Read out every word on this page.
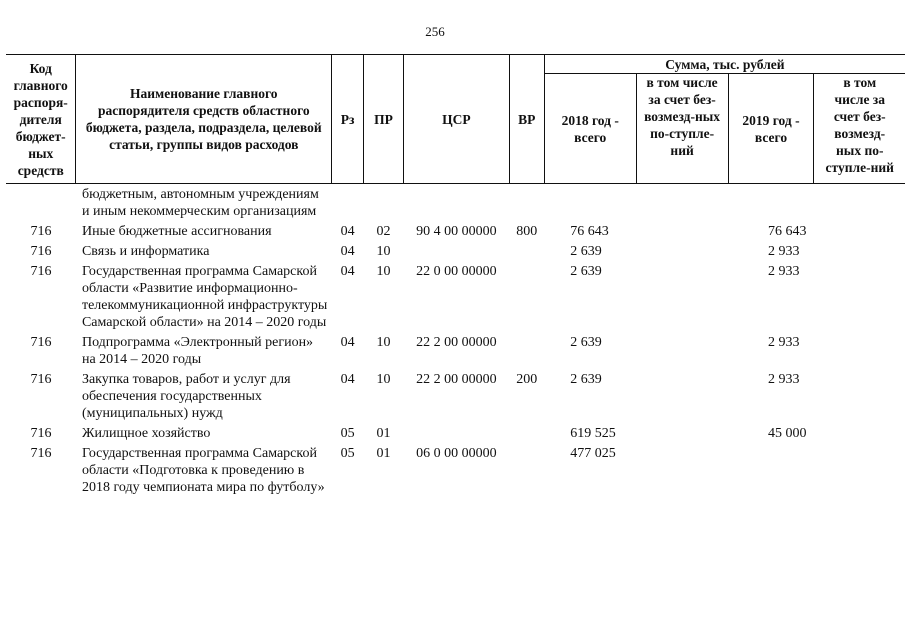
256
Код главного распоря-дителя бюджет-ных средств	Наименование главного распорядителя средств областного бюджета, раздела, подраздела, целевой статьи, группы видов расходов	Рз	ПР	ЦСР	ВР	Сумма, тыс. рублей			
						2018 год - всего	в том числе за счет без-возмезд-ных по-ступле-ний	2019 год - всего	в том числе за счет без-возмезд-ных по-ступле-ний
	бюджетным, автономным учреждениям и иным некоммерческим организациям								
716	Иные бюджетные ассигнования	04	02	90 4 00 00000	800	76 643		76 643	
716	Связь и информатика	04	10			2 639		2 933	
716	Государственная программа Самарской области «Развитие информационно-телекоммуникационной инфраструктуры Самарской области» на 2014 – 2020 годы	04	10	22 0 00 00000		2 639		2 933	
716	Подпрограмма «Электронный регион» на 2014 – 2020 годы	04	10	22 2 00 00000		2 639		2 933	
716	Закупка товаров, работ и услуг для обеспечения государственных (муниципальных) нужд	04	10	22 2 00 00000	200	2 639		2 933	
716	Жилищное хозяйство	05	01			619 525		45 000	
716	Государственная программа Самарской области «Подготовка к проведению в 2018 году чемпионата мира по футболу»	05	01	06 0 00 00000		477 025			
